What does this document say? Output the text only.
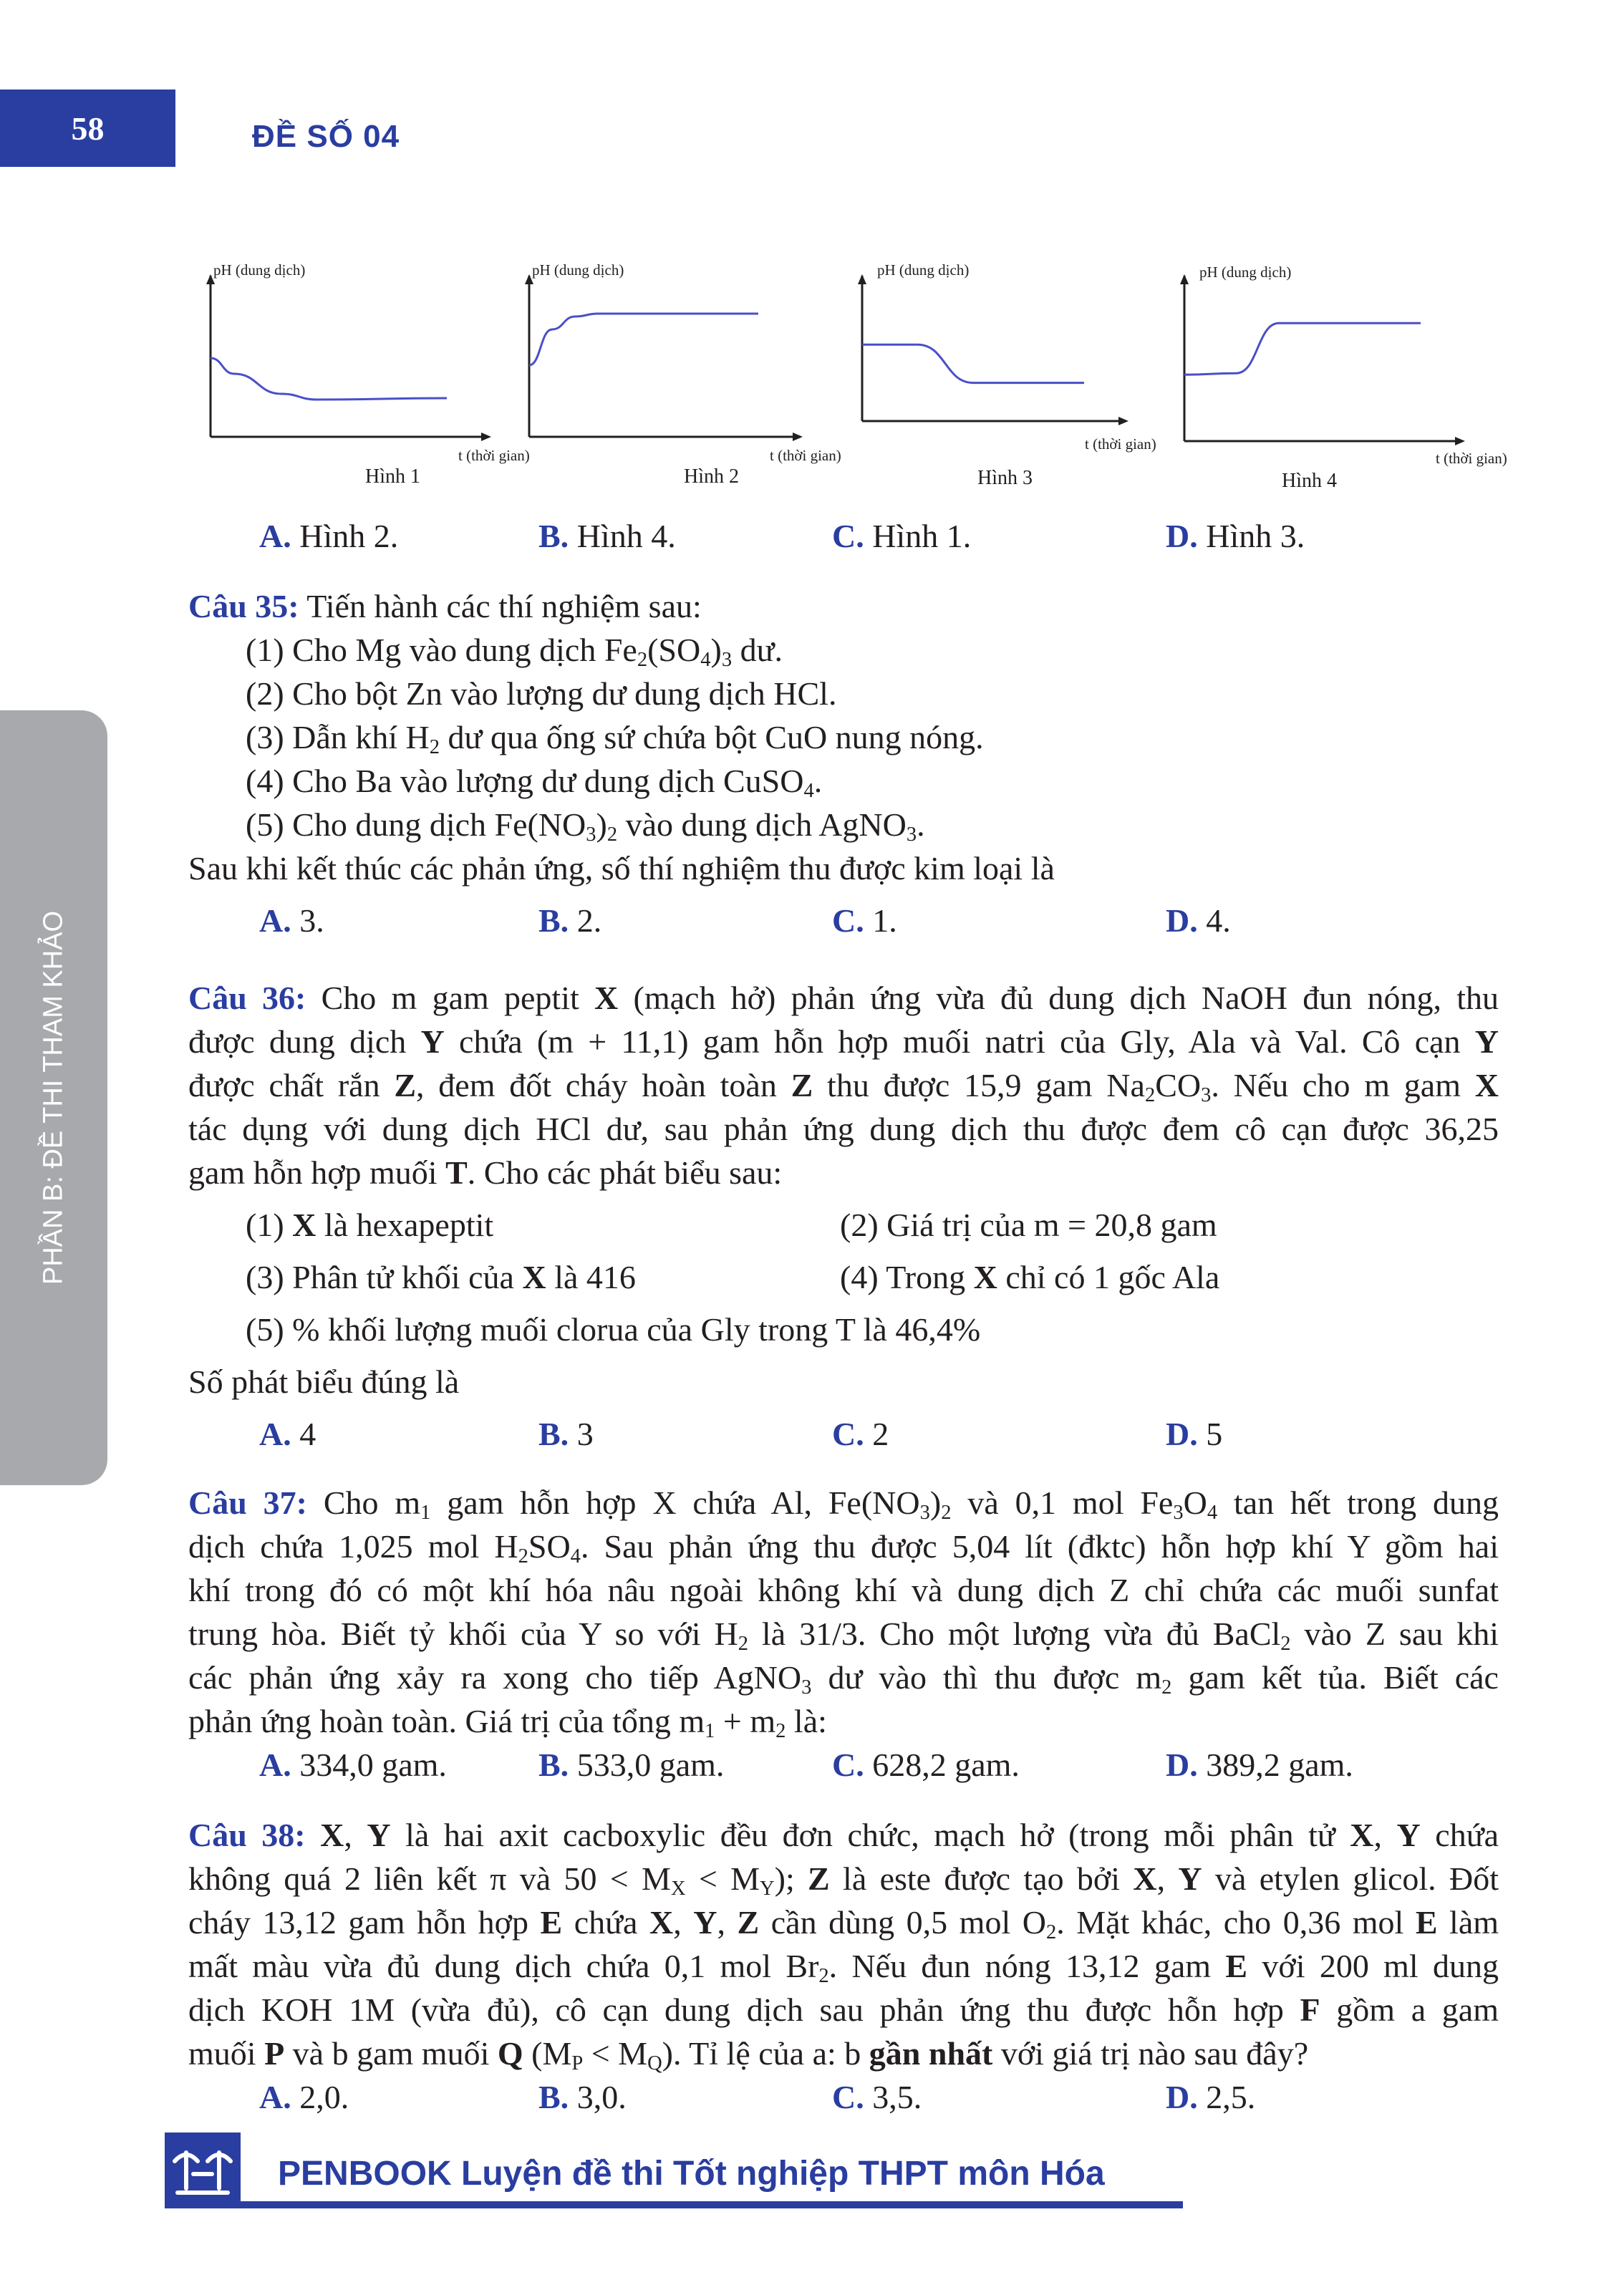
58	ĐỀ SỐ 04
PHẦN B: ĐỀ THI THAM KHẢO
pH (dung dịch)
t (thời gian)
Hình 1
pH (dung dịch)
t (thời gian)
Hình 2
pH (dung dịch)
t (thời gian)
Hình 3
pH (dung dịch)
t (thời gian)
Hình 4
A. Hình 2.	B. Hình 4.	C. Hình 1.	D. Hình 3.
Câu 35: Tiến hành các thí nghiệm sau:
(1) Cho Mg vào dung dịch $Fe_2(SO_4)_3$ dư.
(2) Cho bột Zn vào lượng dư dung dịch HCl.
(3) Dẫn khí $H_2$ dư qua ống sứ chứa bột CuO nung nóng.
(4) Cho Ba vào lượng dư dung dịch CuSO$_4$.
(5) Cho dung dịch $Fe(NO_3)_2$ vào dung dịch AgNO$_3$.
Sau khi kết thúc các phản ứng, số thí nghiệm thu được kim loại là
A. 3.	B. 2.	C. 1.	D. 4.
Câu 36: Cho m gam peptit X (mạch hở) phản ứng vừa đủ dung dịch NaOH đun nóng, thu
được dung dịch Y chứa (m + 11,1) gam hỗn hợp muối natri của Gly, Ala và Val. Cô cạn Y
được chất rắn Z, đem đốt cháy hoàn toàn Z thu được 15,9 gam $Na_2CO_3$. Nếu cho m gam X
tác dụng với dung dịch HCl dư, sau phản ứng dung dịch thu được đem cô cạn được 36,25
gam hỗn hợp muối T. Cho các phát biểu sau:
(1) X là hexapeptit	(2) Giá trị của m = 20,8 gam
(3) Phân tử khối của X là 416	(4) Trong X chỉ có 1 gốc Ala
(5) % khối lượng muối clorua của Gly trong T là 46,4%
Số phát biểu đúng là
A. 4	B. 3	C. 2	D. 5
Câu 37: Cho $m_1$ gam hỗn hợp X chứa Al, $Fe(NO_3)_2$ và 0,1 mol $Fe_3O_4$ tan hết trong dung
dịch chứa 1,025 mol $H_2SO_4$. Sau phản ứng thu được 5,04 lít (đktc) hỗn hợp khí Y gồm hai
khí trong đó có một khí hóa nâu ngoài không khí và dung dịch Z chỉ chứa các muối sunfat
trung hòa. Biết tỷ khối của Y so với $H_2$ là 31/3. Cho một lượng vừa đủ BaCl$_2$ vào Z sau khi
các phản ứng xảy ra xong cho tiếp AgNO$_3$ dư vào thì thu được $m_2$ gam kết tủa. Biết các
phản ứng hoàn toàn. Giá trị của tổng $m_1 + m_2$ là:
A. 334,0 gam.	B. 533,0 gam.	C. 628,2 gam.	D. 389,2 gam.
Câu 38: X, Y là hai axit cacboxylic đều đơn chức, mạch hở (trong mỗi phân tử X, Y chứa
không quá 2 liên kết π và $50 < M_X < M_Y$); Z là este được tạo bởi X, Y và etylen glicol. Đốt
cháy 13,12 gam hỗn hợp E chứa X, Y, Z cần dùng 0,5 mol $O_2$. Mặt khác, cho 0,36 mol E làm
mất màu vừa đủ dung dịch chứa 0,1 mol $Br_2$. Nếu đun nóng 13,12 gam E với 200 ml dung
dịch KOH 1M (vừa đủ), cô cạn dung dịch sau phản ứng thu được hỗn hợp F gồm a gam
muối P và b gam muối Q $(M_P < M_Q)$. Tỉ lệ của a: b gần nhất với giá trị nào sau đây?
A. 2,0.	B. 3,0.	C. 3,5.	D. 2,5.
PENBOOK Luyện đề thi Tốt nghiệp THPT môn Hóa
